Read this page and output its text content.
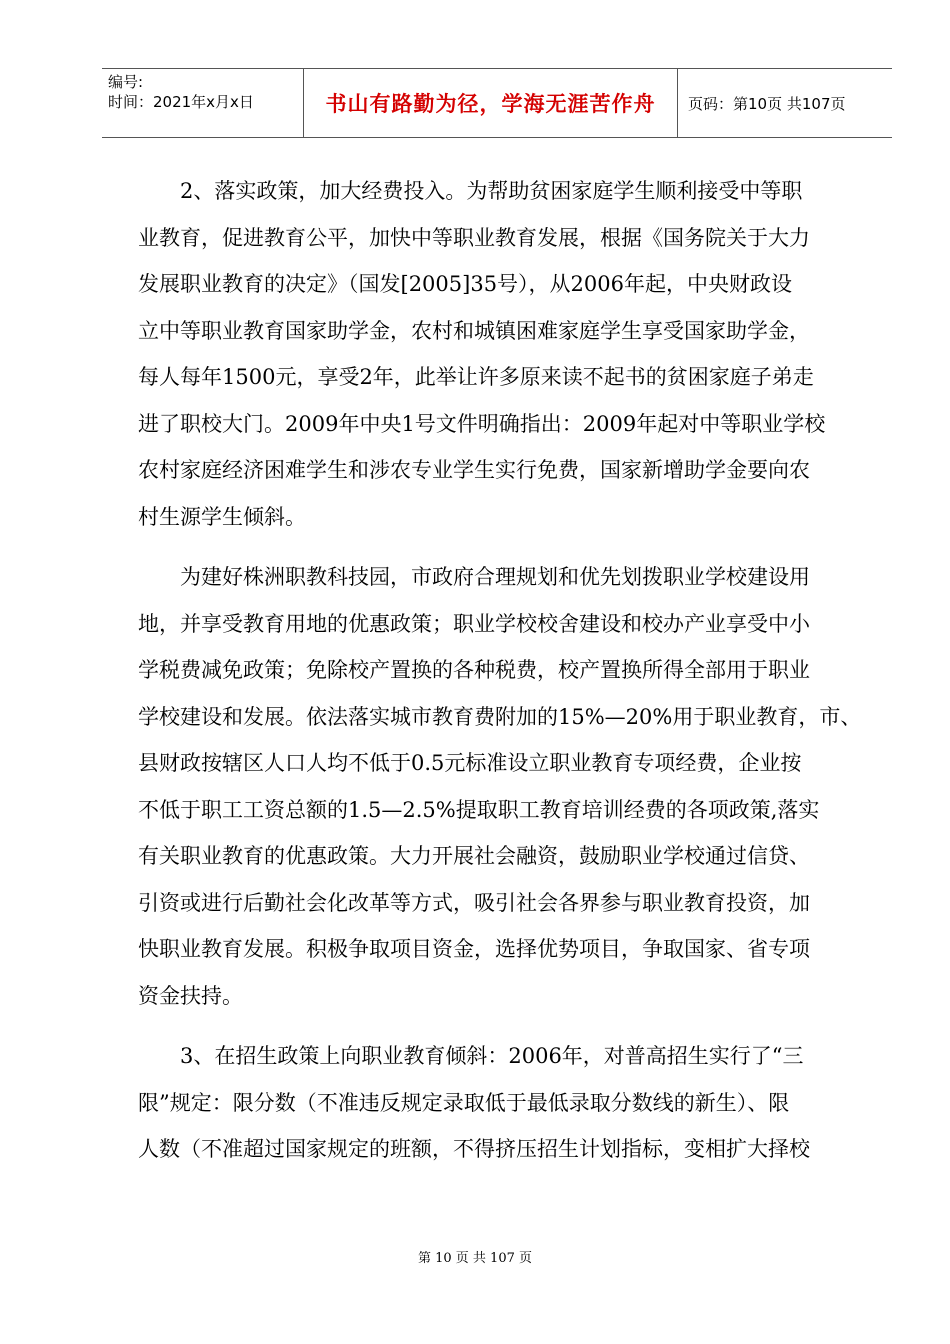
编号:
时间：2021年x月x日	书山有路勤为径，学海无涯苦作舟 页码：第10页 共107页
2、落实政策，加大经费投入。为帮助贫困家庭学生顺利接受中等职
业教育，促进教育公平，加快中等职业教育发展，根据《国务院关于大力
发展职业教育的决定》（国发[2005]35号），从2006年起，中央财政设
立中等职业教育国家助学金，农村和城镇困难家庭学生享受国家助学金，
每人每年1500元，享受2年，此举让许多原来读不起书的贫困家庭子弟走
进了职校大门。2009年中央1号文件明确指出：2009年起对中等职业学校
农村家庭经济困难学生和涉农专业学生实行免费，国家新增助学金要向农
村生源学生倾斜。
为建好株洲职教科技园，市政府合理规划和优先划拨职业学校建设用
地，并享受教育用地的优惠政策；职业学校校舍建设和校办产业享受中小
学税费减免政策；免除校产置换的各种税费，校产置换所得全部用于职业
学校建设和发展。依法落实城市教育费附加的15%—20%用于职业教育，市、
县财政按辖区人口人均不低于0.5元标准设立职业教育专项经费，企业按
不低于职工工资总额的1.5—2.5%提取职工教育培训经费的各项政策,落实
有关职业教育的优惠政策。大力开展社会融资，鼓励职业学校通过信贷、
引资或进行后勤社会化改革等方式，吸引社会各界参与职业教育投资，加
快职业教育发展。积极争取项目资金，选择优势项目，争取国家、省专项
资金扶持。
3、在招生政策上向职业教育倾斜：2006年，对普高招生实行了“三
限”规定：限分数（不准违反规定录取低于最低录取分数线的新生）、限
人数（不准超过国家规定的班额，不得挤压招生计划指标，变相扩大择校
第 10 页 共 107 页
